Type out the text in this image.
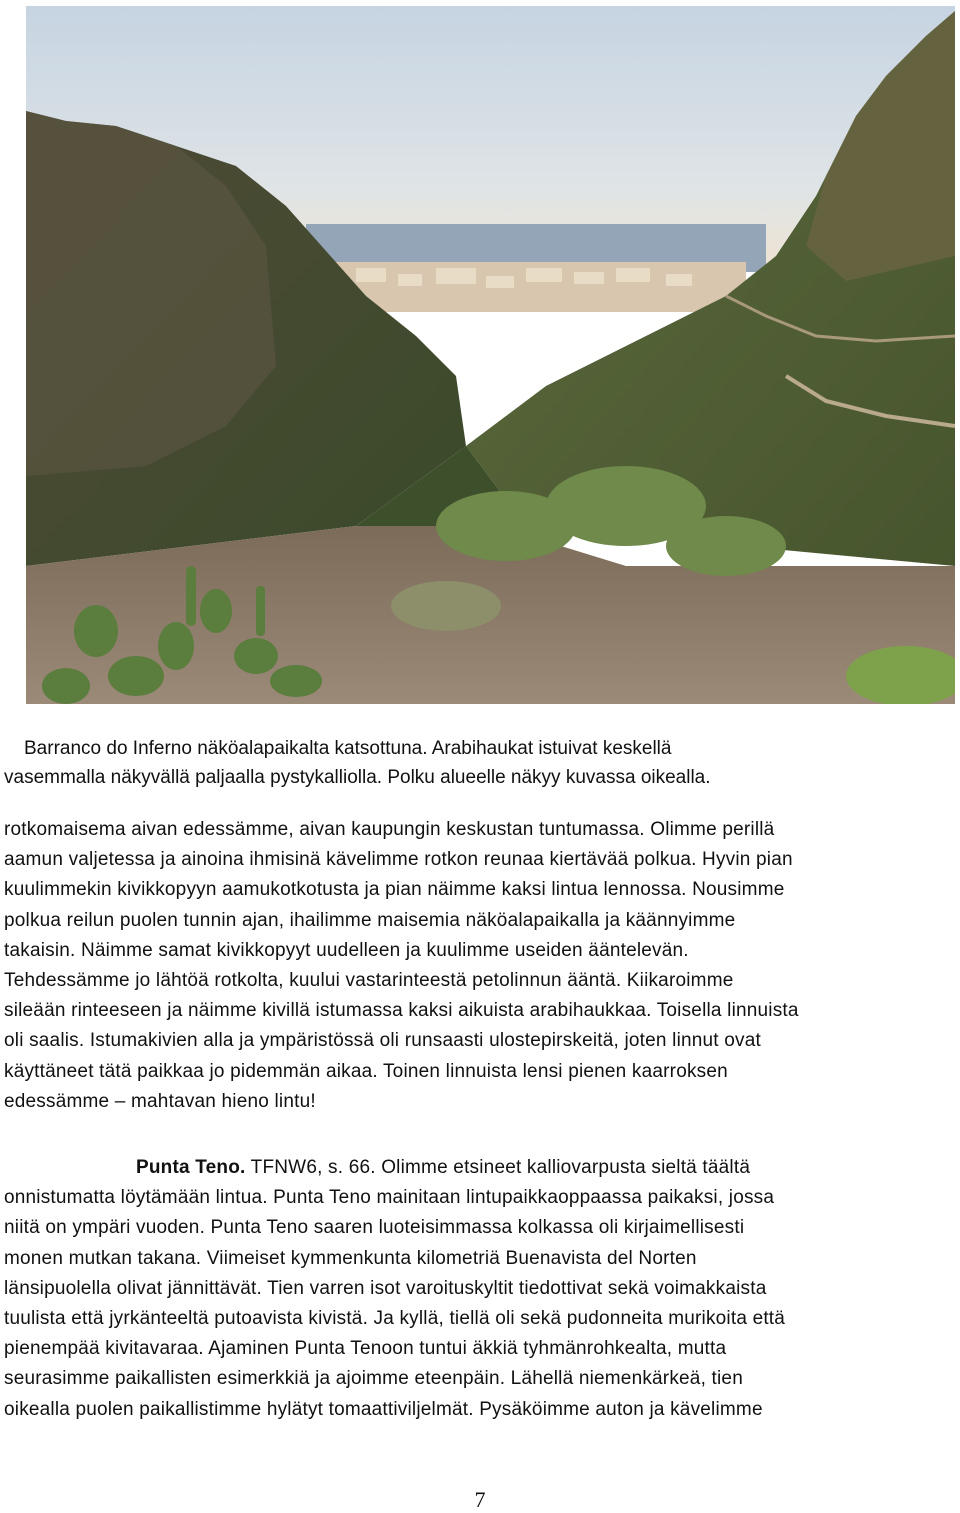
Barranco do Inferno näköalapaikalta katsottuna. Arabihaukat istuivat keskellä
vasemmalla näkyvällä paljaalla pystykalliolla. Polku alueelle näkyy kuvassa oikealla.
rotkomaisema aivan edessämme, aivan kaupungin keskustan tuntumassa. Olimme perillä
aamun valjetessa ja ainoina ihmisinä kävelimme rotkon reunaa kiertävää polkua. Hyvin pian
kuulimmekin kivikkopyyn aamukotkotusta ja pian näimme kaksi lintua lennossa. Nousimme
polkua reilun puolen tunnin ajan, ihailimme maisemia näköalapaikalla ja käännyimme
takaisin. Näimme samat kivikkopyyt uudelleen ja kuulimme useiden ääntelevän.
Tehdessämme jo lähtöä rotkolta, kuului vastarinteestä petolinnun ääntä. Kiikaroimme
sileään rinteeseen ja näimme kivillä istumassa kaksi aikuista arabihaukkaa. Toisella linnuista
oli saalis. Istumakivien alla ja ympäristössä oli runsaasti ulostepirskeitä, joten linnut ovat
käyttäneet tätä paikkaa jo pidemmän aikaa. Toinen linnuista lensi pienen kaarroksen
edessämme – mahtavan hieno lintu!
Punta Teno. TFNW6, s. 66. Olimme etsineet kalliovarpusta sieltä täältä
onnistumatta löytämään lintua. Punta Teno mainitaan lintupaikkaoppaassa paikaksi, jossa
niitä on ympäri vuoden. Punta Teno saaren luoteisimmassa kolkassa oli kirjaimellisesti
monen mutkan takana. Viimeiset kymmenkunta kilometriä Buenavista del Norten
länsipuolella olivat jännittävät. Tien varren isot varoituskyltit tiedottivat sekä voimakkaista
tuulista että jyrkänteeltä putoavista kivistä. Ja kyllä, tiellä oli sekä pudonneita murikoita että
pienempää kivitavaraa. Ajaminen Punta Tenoon tuntui äkkiä tyhmänrohkealta, mutta
seurasimme paikallisten esimerkkiä ja ajoimme eteenpäin. Lähellä niemenkärkeä, tien
oikealla puolen paikallistimme hylätyt tomaattiviljelmät. Pysäköimme auton ja kävelimme
7
